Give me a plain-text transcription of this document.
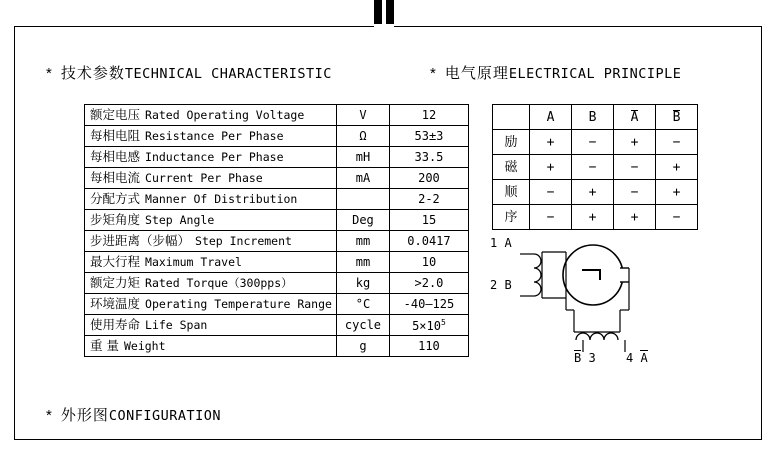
* 技术参数TECHNICAL CHARACTERISTIC	* 电气原理ELECTRICAL PRINCIPLE
* 外形图CONFIGURATION
额定电压 Rated Operating Voltage	V	12
每相电阻 Resistance Per Phase	Ω	53±3
每相电感 Inductance Per Phase	mH	33.5
每相电流 Current Per Phase	mA	200
分配方式 Manner Of Distribution		2-2
步矩角度 Step Angle	Deg	15
步进距离（步幅） Step Increment	mm	0.0417
最大行程 Maximum Travel	mm	10
额定力矩 Rated Torque（300pps）	kg	>2.0
环境温度 Operating Temperature Range	°C	-40—125
使用寿命 Life Span	cycle	$5\times 10^5$
重 量 Weight	g	110
	A	B	A	B
励	+	−	+	−
磁	+	−	−	+
顺	−	+	−	+
序	−	+	+	−
1 A
2 B
B 3	4 A
